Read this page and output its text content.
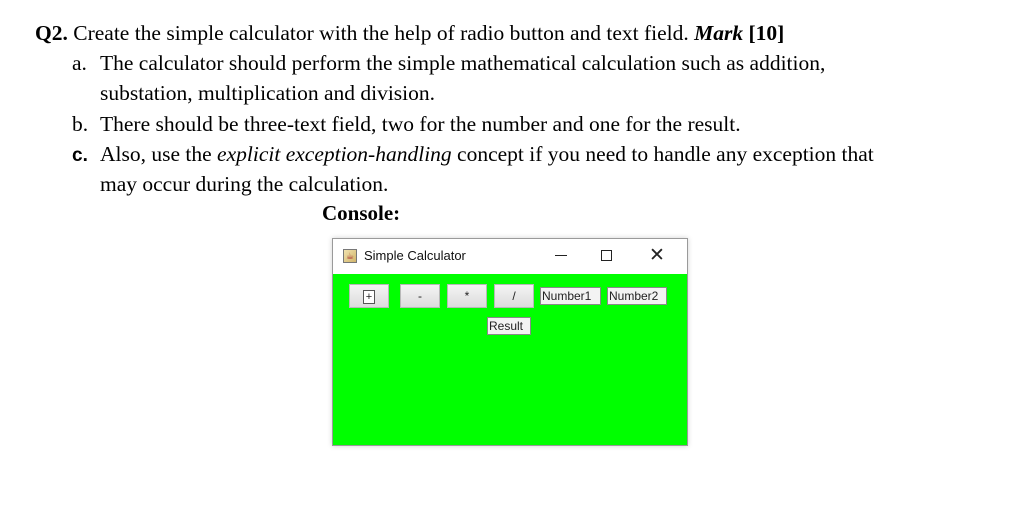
Q2. Create the simple calculator with the help of radio button and text field. Mark [10]
a. The calculator should perform the simple mathematical calculation such as addition,
substation, multiplication and division.
b. There should be three-text field, two for the number and one for the result.
c. Also, use the explicit exception-handling concept if you need to handle any exception that
may occur during the calculation.
Console:
☕ Simple Calculator	✕
+	-	*	/	Number1	Number2
Result
